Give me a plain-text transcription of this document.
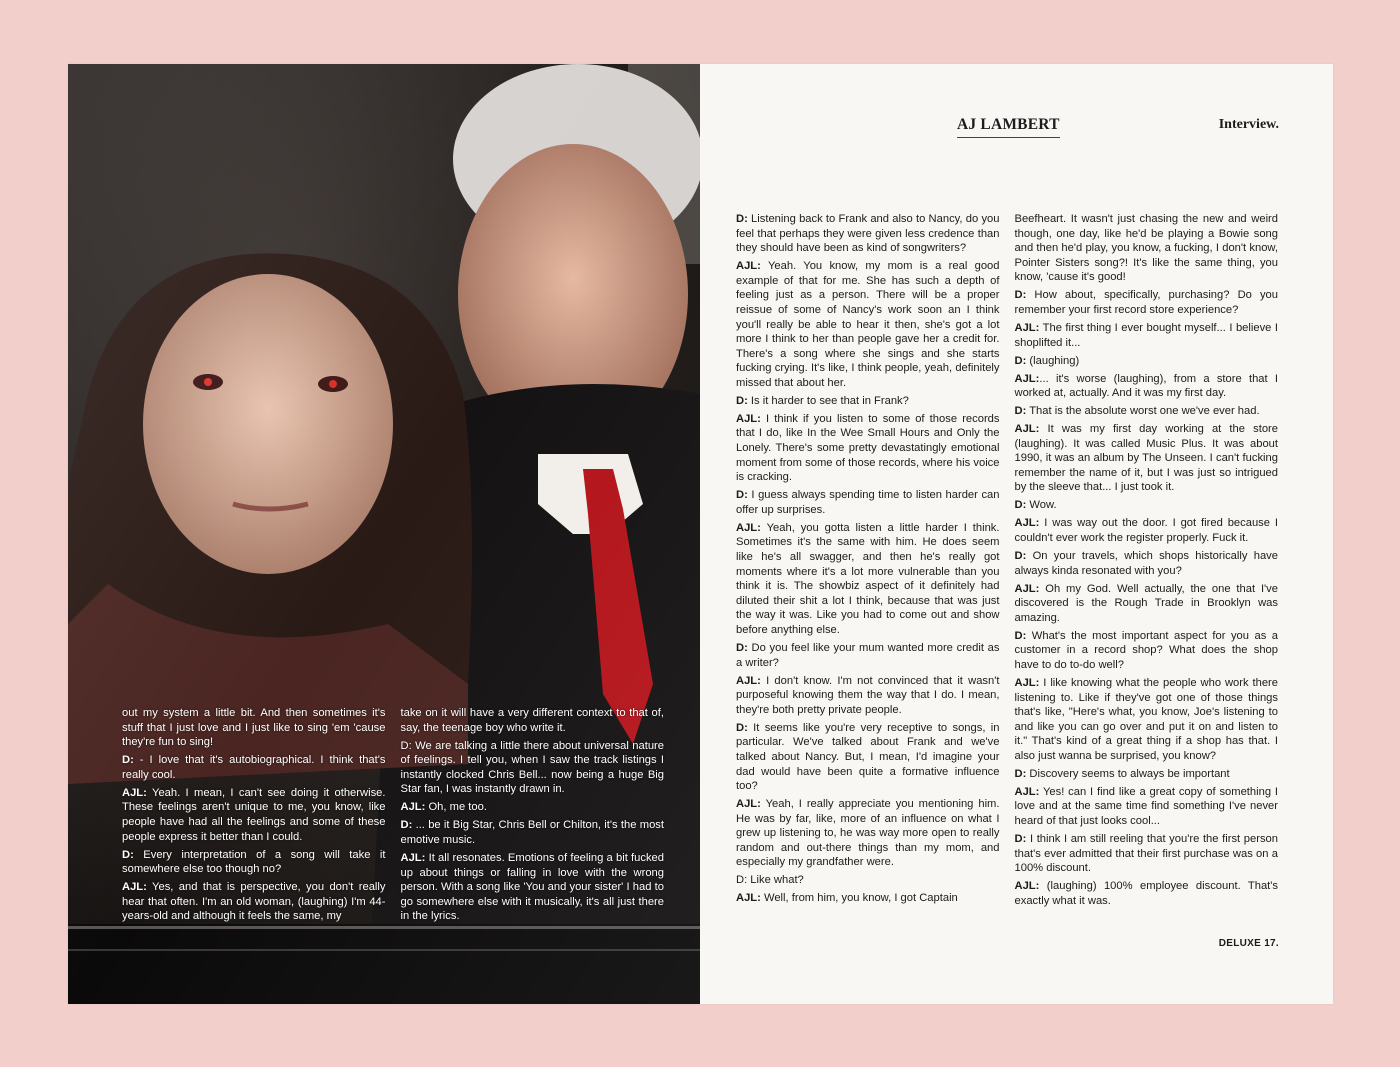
out my system a little bit. And then sometimes it's stuff that I just love and I just like to sing 'em 'cause they're fun to sing!

D: - I love that it's autobiographical. I think that's really cool.

AJL: Yeah. I mean, I can't see doing it otherwise. These feelings aren't unique to me, you know, like people have had all the feelings and some of these people express it better than I could.

D: Every interpretation of a song will take it somewhere else too though no?

AJL: Yes, and that is perspective, you don't really hear that often. I'm an old woman, (laughing) I'm 44-years-old and although it feels the same, my

take on it will have a very different context to that of, say, the teenage boy who write it.

D: We are talking a little there about universal nature of feelings. I tell you, when I saw the track listings I instantly clocked Chris Bell... now being a huge Big Star fan, I was instantly drawn in.

AJL: Oh, me too.

D: ... be it Big Star, Chris Bell or Chilton, it's the most emotive music.

AJL: It all resonates. Emotions of feeling a bit fucked up about things or falling in love with the wrong person. With a song like 'You and your sister' I had to go somewhere else with it musically, it's all just there in the lyrics.

AJ LAMBERT	Interview.

D: Listening back to Frank and also to Nancy, do you feel that perhaps they were given less credence than they should have been as kind of songwriters?

AJL: Yeah. You know, my mom is a real good example of that for me. She has such a depth of feeling just as a person. There will be a proper reissue of some of Nancy's work soon an I think you'll really be able to hear it then, she's got a lot more I think to her than people gave her a credit for. There's a song where she sings and she starts fucking crying. It's like, I think people, yeah, definitely missed that about her.

D: Is it harder to see that in Frank?

AJL: I think if you listen to some of those records that I do, like In the Wee Small Hours and Only the Lonely. There's some pretty devastatingly emotional moment from some of those records, where his voice is cracking.

D: I guess always spending time to listen harder can offer up surprises.

AJL: Yeah, you gotta listen a little harder I think. Sometimes it's the same with him. He does seem like he's all swagger, and then he's really got moments where it's a lot more vulnerable than you think it is. The showbiz aspect of it definitely had diluted their shit a lot I think, because that was just the way it was. Like you had to come out and show before anything else.

D: Do you feel like your mum wanted more credit as a writer?

AJL: I don't know. I'm not convinced that it wasn't purposeful knowing them the way that I do. I mean, they're both pretty private people.

D: It seems like you're very receptive to songs, in particular. We've talked about Frank and we've talked about Nancy. But, I mean, I'd imagine your dad would have been quite a formative influence too?

AJL: Yeah, I really appreciate you mentioning him. He was by far, like, more of an influence on what I grew up listening to, he was way more open to really random and out-there things than my mom, and especially my grandfather were.

D: Like what?

AJL: Well, from him, you know, I got Captain

Beefheart. It wasn't just chasing the new and weird though, one day, like he'd be playing a Bowie song and then he'd play, you know, a fucking, I don't know, Pointer Sisters song?! It's like the same thing, you know, 'cause it's good!

D: How about, specifically, purchasing? Do you remember your first record store experience?

AJL: The first thing I ever bought myself... I believe I shoplifted it...

D: (laughing)

AJL:... it's worse (laughing), from a store that I worked at, actually. And it was my first day.

D: That is the absolute worst one we've ever had.

AJL: It was my first day working at the store (laughing). It was called Music Plus. It was about 1990, it was an album by The Unseen. I can't fucking remember the name of it, but I was just so intrigued by the sleeve that... I just took it.

D: Wow.

AJL: I was way out the door. I got fired because I couldn't ever work the register properly. Fuck it.

D: On your travels, which shops historically have always kinda resonated with you?

AJL: Oh my God. Well actually, the one that I've discovered is the Rough Trade in Brooklyn was amazing.

D: What's the most important aspect for you as a customer in a record shop? What does the shop have to do to-do well?

AJL: I like knowing what the people who work there listening to. Like if they've got one of those things that's like, "Here's what, you know, Joe's listening to and like you can go over and put it on and listen to it." That's kind of a great thing if a shop has that. I also just wanna be surprised, you know?

D: Discovery seems to always be important

AJL: Yes! can I find like a great copy of something I love and at the same time find something I've never heard of that just looks cool...

D: I think I am still reeling that you're the first person that's ever admitted that their first purchase was on a 100% discount.

AJL: (laughing) 100% employee discount. That's exactly what it was.

DELUXE 17.
